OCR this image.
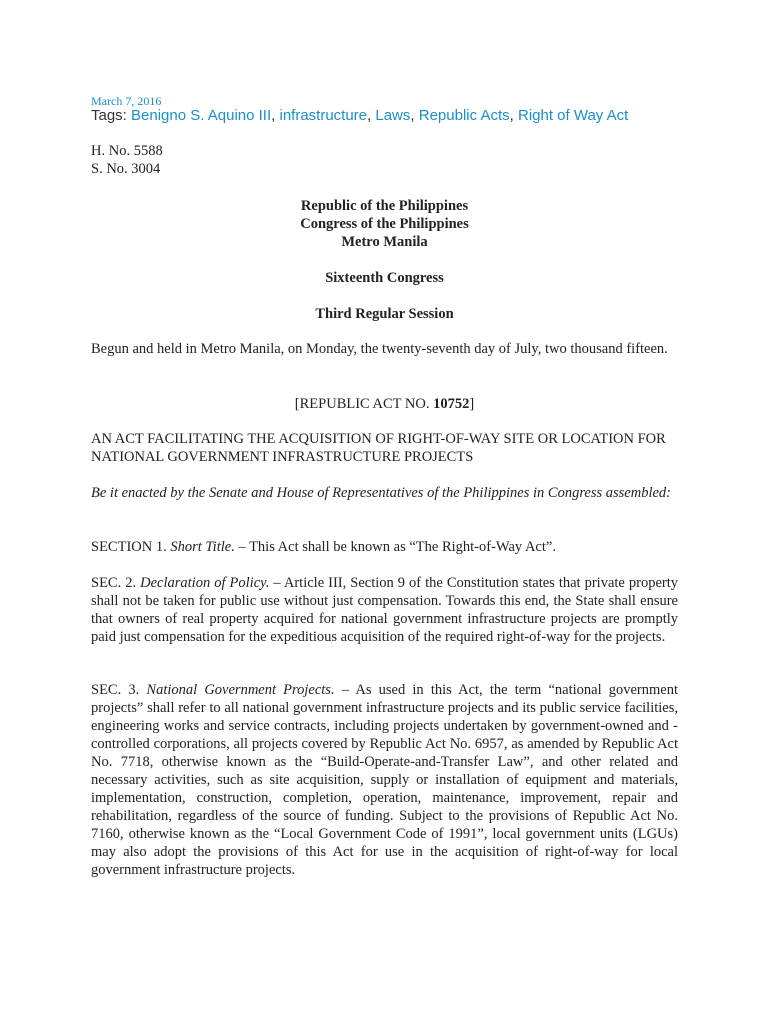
March 7, 2016
Tags: Benigno S. Aquino III, infrastructure, Laws, Republic Acts, Right of Way Act

H. No. 5588

S. No. 3004

Republic of the Philippines

Congress of the Philippines

Metro Manila

Sixteenth Congress
Third Regular Session
Begun and held in Metro Manila, on Monday, the twenty-seventh day of July, two thousand fifteen.
[REPUBLIC ACT NO. 10752]
AN ACT FACILITATING THE ACQUISITION OF RIGHT-OF-WAY SITE OR LOCATION FOR NATIONAL GOVERNMENT INFRASTRUCTURE PROJECTS
Be it enacted by the Senate and House of Representatives of the Philippines in Congress assembled:
SECTION 1. Short Title. – This Act shall be known as “The Right-of-Way Act”.
SEC. 2. Declaration of Policy. – Article III, Section 9 of the Constitution states that private property shall not be taken for public use without just compensation. Towards this end, the State shall ensure that owners of real property acquired for national government infrastructure projects are promptly paid just compensation for the expeditious acquisition of the required right-of-way for the projects.
SEC. 3. National Government Projects. – As used in this Act, the term “national government projects” shall refer to all national government infrastructure projects and its public service facilities, engineering works and service contracts, including projects undertaken by government-owned and -controlled corporations, all projects covered by Republic Act No. 6957, as amended by Republic Act No. 7718, otherwise known as the “Build-Operate-and-Transfer Law”, and other related and necessary activities, such as site acquisition, supply or installation of equipment and materials, implementation, construction, completion, operation, maintenance, improvement, repair and rehabilitation, regardless of the source of funding. Subject to the provisions of Republic Act No. 7160, otherwise known as the “Local Government Code of 1991”, local government units (LGUs) may also adopt the provisions of this Act for use in the acquisition of right-of-way for local government infrastructure projects.
